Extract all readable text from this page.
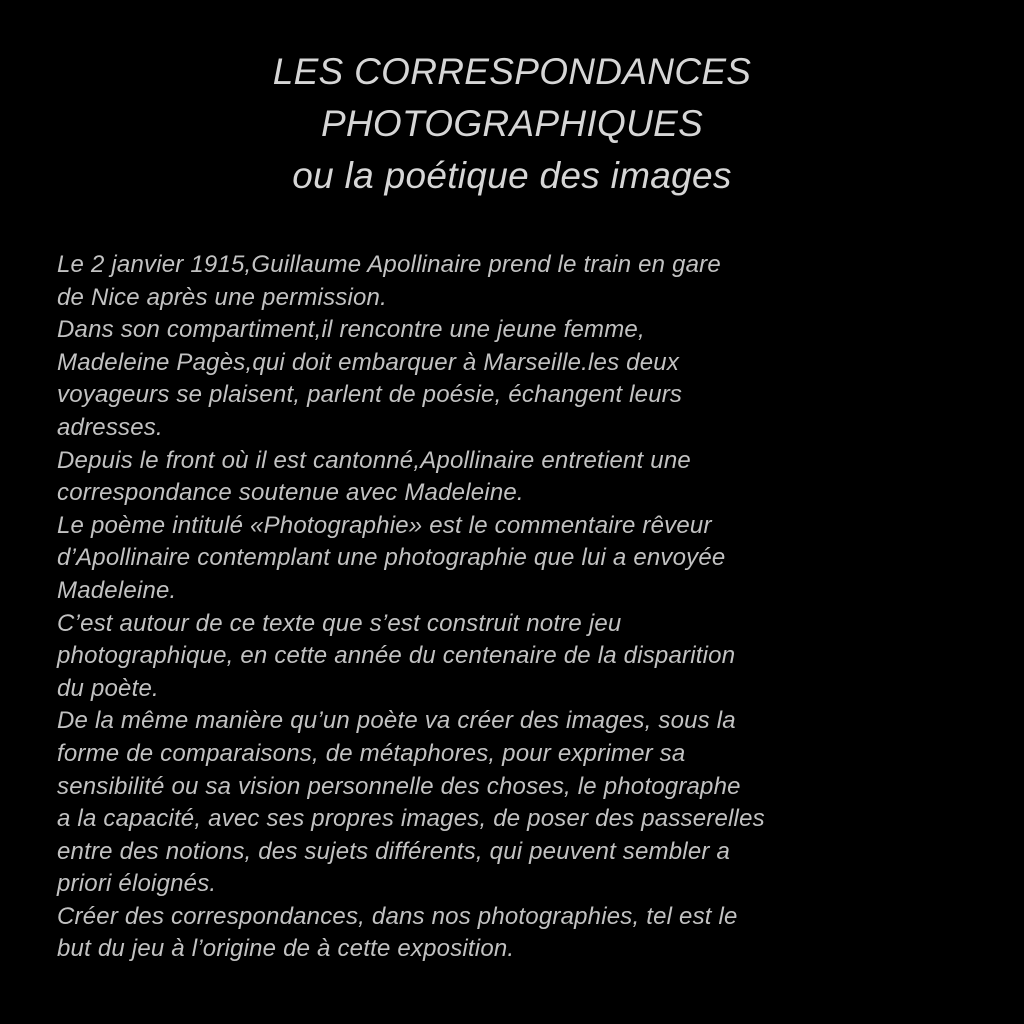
LES CORRESPONDANCES
PHOTOGRAPHIQUES
ou la poétique des images
Le 2 janvier 1915,Guillaume Apollinaire prend le train en gare
de Nice après une permission.
Dans son compartiment,il rencontre une jeune femme,
Madeleine Pagès,qui doit embarquer à Marseille.les deux
voyageurs se plaisent, parlent de poésie, échangent leurs
adresses.
Depuis le front où il est cantonné,Apollinaire entretient une
correspondance soutenue avec Madeleine.
Le poème intitulé «Photographie» est le commentaire rêveur
d’Apollinaire contemplant une photographie que lui a envoyée
Madeleine.
C’est autour de ce texte que s’est construit notre jeu
photographique, en cette année du centenaire de la disparition
du poète.
De la même manière qu’un poète va créer des images, sous la
forme de comparaisons, de métaphores, pour exprimer sa
sensibilité ou sa vision personnelle des choses, le photographe
a la capacité, avec ses propres images, de poser des passerelles
entre des notions, des sujets différents, qui peuvent sembler a
priori éloignés.
Créer des correspondances, dans nos photographies, tel est le
but du jeu à l’origine de à cette exposition.
